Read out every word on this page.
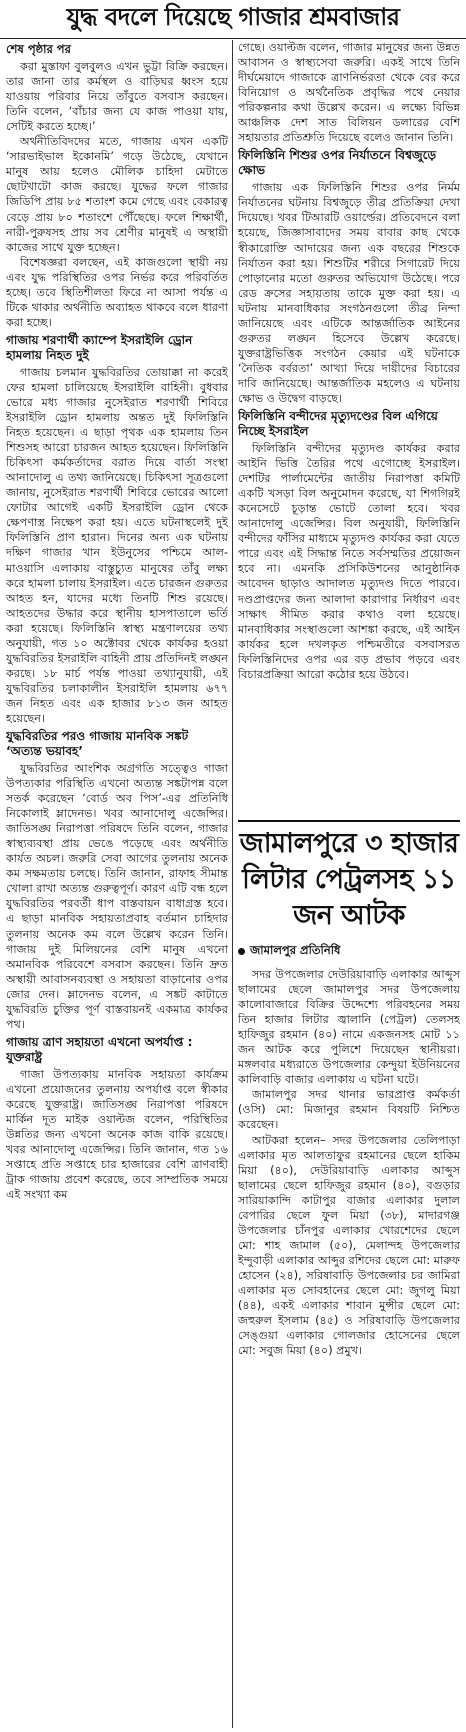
যুদ্ধ বদলে দিয়েছে গাজার শ্রমবাজার
শেষ পৃষ্ঠার পর

করা মুস্তাফা বুলবুলও এখন ভুট্টা বিক্রি করছেন। তার জানা তার কর্মস্থল ও বাড়িঘর ধ্বংস হয়ে যাওয়ায় পরিবার নিয়ে তাঁবুতে বসবাস করছেন। তিনি বলেন, ‘বাঁচার জন্য যে কাজ পাওয়া যায়, সেটিই করতে হচ্ছে।’

অর্থনীতিবিদদের মতে, গাজায় এখন একটি ‘সারভাইভাল ইকোনমি’ গড়ে উঠেছে, যেখানে মানুষ আয় হলেও মৌলিক চাহিদা মেটাতে ছোটখাটো কাজ করছে। যুদ্ধের ফলে গাজার জিডিপি প্রায় ৮৫ শতাংশ কমে গেছে এবং বেকারত্ব বেড়ে প্রায় ৮০ শতাংশে পৌঁছেছে। ফলে শিক্ষার্থী, নারী-পুরুষসহ প্রায় সব শ্রেণীর মানুষই এ অস্থায়ী কাজের সাথে যুক্ত হচ্ছেন।

বিশেষজ্ঞরা বলছেন, এই কাজগুলো স্থায়ী নয় এবং যুদ্ধ পরিস্থিতির ওপর নির্ভর করে পরিবর্তিত হচ্ছে। তবে স্থিতিশীলতা ফিরে না আসা পর্যন্ত এ টিকে থাকার অর্থনীতি অব্যাহত থাকবে বলে ধারণা করা হচ্ছে।

গাজায় শরণার্থী ক্যাম্পে ইসরাইলি ড্রোন হামলায় নিহত দুই

গাজায় চলমান যুদ্ধবিরতির তোয়াক্কা না করেই ফের হামলা চালিয়েছে ইসরাইলি বাহিনী। বুধবার ভোরে মধ্য গাজার নুসেইরাত শরণার্থী শিবিরে ইসরাইলি ড্রোন হামলায় অন্তত দুই ফিলিস্তিনি নিহত হয়েছেন। এ ছাড়া পৃথক এক হামলায় তিন শিশুসহ আরো চারজন আহত হয়েছেন। ফিলিস্তিনি চিকিৎসা কর্মকর্তাদের বরাত দিয়ে বার্তা সংস্থা আনাদোলু এ তথ্য জানিয়েছে। চিকিৎসা সূত্রগুলো জানায়, নুসেইরাত শরণার্থী শিবিরে ভোরের আলো ফোটার আগেই একটি ইসরাইলি ড্রোন থেকে ক্ষেপণাস্ত্র নিক্ষেপ করা হয়। এতে ঘটনাস্থলেই দুই ফিলিস্তিনি প্রাণ হারান। দিনের অন্য এক ঘটনায় দক্ষিণ গাজার খান ইউনুসের পশ্চিমে আল-মাওয়াসি এলাকায় বাস্তুচ্যুত মানুষের তাঁবু লক্ষ্য করে হামলা চালায় ইসরাইল। এতে চারজন গুরুতর আহত হন, যাদের মধ্যে তিনটি শিশু রয়েছে। আহতদের উদ্ধার করে স্থানীয় হাসপাতালে ভর্তি করা হয়েছে। ফিলিস্তিনি স্বাস্থ্য মন্ত্রণালয়ের তথ্য অনুযায়ী, গত ১০ অক্টোবর থেকে কার্যকর হওয়া যুদ্ধবিরতির ইসরাইলি বাহিনী প্রায় প্রতিদিনই লঙ্ঘন করছে। ১৮ মার্চ পর্যন্ত পাওয়া তথ্যানুযায়ী, এই যুদ্ধবিরতির চলাকালীন ইসরাইলি হামলায় ৬৭৭ জন নিহত এবং এক হাজার ৮১৩ জন আহত হয়েছেন।

যুদ্ধবিরতির পরও গাজায় মানবিক সঙ্কট ‘অত্যন্ত ভয়াবহ’

যুদ্ধবিরতির আংশিক অগ্রগতি সত্ত্বেও গাজা উপত্যকার পরিস্থিতি এখনো অত্যন্ত সঙ্কটাপন্ন বলে সতর্ক করেছেন ‘বোর্ড অব পিস’-এর প্রতিনিধি নিকোলাই ম্লাদেনভ। খবর আনাদোলু এজেন্সির। জাতিসঙ্ঘ নিরাপত্তা পরিষদে তিনি বলেন, গাজার স্বাস্থ্যব্যবস্থা প্রায় ভেঙে পড়েছে এবং অর্থনীতি কার্যত অচল। জরুরি সেবা আগের তুলনায় অনেক কম সক্ষমতায় চলছে। তিনি জানান, রাফাহ সীমান্ত খোলা রাখা অত্যন্ত গুরুত্বপূর্ণ। কারণ এটি বন্ধ হলে যুদ্ধবিরতির পরবর্তী ধাপ বাস্তবায়ন বাধাগ্রস্ত হবে। এ ছাড়া মানবিক সহায়তাপ্রবাহ বর্তমান চাহিদার তুলনায় অনেক কম বলে উল্লেখ করেন তিনি। গাজায় দুই মিলিয়নের বেশি মানুষ এখনো অমানবিক পরিবেশে বসবাস করছেন। তিনি দ্রুত অস্থায়ী আবাসনব্যবস্থা ও সহায়তা বাড়ানোর ওপর জোর দেন। ম্লাদেনভ বলেন, এ সঙ্কট কাটাতে যুদ্ধবিরতি চুক্তির পূর্ণ বাস্তবায়নই একমাত্র কার্যকর পথ।

গাজায় ত্রাণ সহায়তা এখনো অপর্যাপ্ত : যুক্তরাষ্ট্র

গাজা উপত্যকায় মানবিক সহায়তা কার্যক্রম এখনো প্রয়োজনের তুলনায় অপর্যাপ্ত বলে স্বীকার করেছে যুক্তরাষ্ট্র। জাতিসঙ্ঘ নিরাপত্তা পরিষদে মার্কিন দূত মাইক ওয়াল্টজ বলেন, পরিস্থিতির উন্নতির জন্য এখনো অনেক কাজ বাকি রয়েছে। খবর আনাদোলু এজেন্সির। তিনি জানান, গত ১৬ সপ্তাহে প্রতি সপ্তাহে চার হাজারের বেশি ত্রাণবাহী ট্রাক গাজায় প্রবেশ করেছে, তবে সাম্প্রতিক সময়ে এই সংখ্যা কম

গেছে। ওয়াল্টজ বলেন, গাজার মানুষের জন্য উন্নত আবাসন ও স্বাস্থ্যসেবা জরুরি। একই সাথে তিনি দীর্ঘমেয়াদে গাজাকে ত্রাণনির্ভরতা থেকে বের করে বিনিয়োগ ও অর্থনৈতিক প্রবৃদ্ধির পথে নেয়ার পরিকল্পনার কথা উল্লেখ করেন। এ লক্ষ্যে বিভিন্ন আঞ্চলিক দেশ সাত বিলিয়ন ডলারের বেশি সহায়তার প্রতিশ্রুতি দিয়েছে বলেও জানান তিনি।

ফিলিস্তিনি শিশুর ওপর নির্যাতনে বিশ্বজুড়ে ক্ষোভ

গাজায় এক ফিলিস্তিনি শিশুর ওপর নির্মম নির্যাতনের ঘটনায় বিশ্বজুড়ে তীব্র প্রতিক্রিয়া দেখা দিয়েছে। খবর টিআরটি ওয়ার্ল্ডের। প্রতিবেদনে বলা হয়েছে, জিজ্ঞাসাবাদের সময় বাবার কাছ থেকে স্বীকারোক্তি আদায়ের জন্য এক বছরের শিশুকে নির্যাতন করা হয়। শিশুটির শরীরে সিগারেট দিয়ে পোড়ানোর মতো গুরুতর অভিযোগ উঠেছে। পরে রেড ক্রসের সহায়তায় তাকে মুক্ত করা হয়। এ ঘটনায় মানবাধিকার সংগঠনগুলো তীব্র নিন্দা জানিয়েছে এবং এটিকে আন্তর্জাতিক আইনের গুরুতর লঙ্ঘন হিসেবে উল্লেখ করেছে। যুক্তরাষ্ট্রভিত্তিক সংগঠন কেয়ার এই ঘটনাকে ‘নৈতিক বর্বরতা’ আখ্যা দিয়ে দায়ীদের বিচারের দাবি জানিয়েছে। আন্তর্জাতিক মহলেও এ ঘটনায় ক্ষোভ ও উদ্বেগ বাড়ছে।

ফিলিস্তিনি বন্দীদের মৃত্যুদণ্ডের বিল এগিয়ে নিচ্ছে ইসরাইল

ফিলিস্তিনি বন্দীদের মৃত্যুদণ্ড কার্যকর করার আইনি ভিত্তি তৈরির পথে এগোচ্ছে ইসরাইল। দেশটির পার্লামেন্টের জাতীয় নিরাপত্তা কমিটি একটি খসড়া বিল অনুমোদন করেছে, যা শিগগিরই কনেসেটে চূড়ান্ত ভোটে তোলা হবে। খবর আনাদোলু এজেন্সির। বিল অনুযায়ী, ফিলিস্তিনি বন্দীদের ফাঁসির মাধ্যমে মৃত্যুদণ্ড কার্যকর করা যেতে পারে এবং এই সিদ্ধান্ত নিতে সর্বসম্মতির প্রয়োজন হবে না। এমনকি প্রসিকিউশনের আনুষ্ঠানিক আবেদন ছাড়াও আদালত মৃত্যুদণ্ড দিতে পারবে। দণ্ডপ্রাপ্তদের জন্য আলাদা কারাগার নির্ধারণ এবং সাক্ষাৎ সীমিত করার কথাও বলা হয়েছে। মানবাধিকার সংস্থাগুলো আশঙ্কা করছে, এই আইন কার্যকর হলে দখলকৃত পশ্চিমতীরে বসবাসরত ফিলিস্তিনিদের ওপর এর বড় প্রভাব পড়বে এবং বিচারপ্রক্রিয়া আরো কঠোর হয়ে উঠবে।

জামালপুরে ৩ হাজার লিটার পেট্রলসহ ১১ জন আটক
জামালপুর প্রতিনিধি

সদর উপজেলার দেউরিয়াবাড়ি এলাকার আব্দুস ছালামের ছেলে জামালপুর সদর উপজেলায় কালোবাজারে বিক্রির উদ্দেশ্যে পরিবহনের সময় তিন হাজার লিটার জ্বালানি (পেট্রল) তেলসহ হাফিজুর রহমান (৪০) নামে একজনসহ মোট ১১ জন আটক করে পুলিশে দিয়েছেন স্থানীয়রা। মঙ্গলবার মধ্যরাতে উপজেলার কেন্দুয়া ইউনিয়নের কালিবাড়ি বাজার এলাকায় এ ঘটনা ঘটে।

জামালপুর সদর থানার ভারপ্রাপ্ত কর্মকর্তা (ওসি) মো: মিজানুর রহমান বিষয়টি নিশ্চিত করেছেন।

আটকরা হলেন– সদর উপজেলার তেলিপাড়া এলাকার মৃত আলতাফুর রহমানের ছেলে হাকিম মিয়া (৪০), দেউরিয়াবাড়ি এলাকার আব্দুস ছালামের ছেলে হাফিজুর রহমান (৪০), বগুড়ার সারিয়াকান্দি কাটাপুর বাজার এলাকার দুলাল বেপারির ছেলে ফুল মিয়া (৩৮), মাদারগঞ্জ উপজেলার চাঁনপুর এলাকার খোরশেদের ছেলে মো: শাহ জামাল (৫০), মেলান্দহ উপজেলার ইন্দুবাড়ী এলাকার আব্দুর রশিদের ছেলে মো: মারুফ হোসেন (২৪), সরিষাবাড়ি উপজেলার চর জামিরা এলাকার মৃত সোবহানের ছেলে মো: জুগলু মিয়া (৪৪), একই এলাকার শাবান মুন্সীর ছেলে মো: জহুরুল ইসলাম (৪৫) ও সরিষাবাড়ি উপজেলার সেঙ্গুয়া এলাকার গোলজার হোসেনের ছেলে মো: সবুজ মিয়া (৪০) প্রমুখ।
